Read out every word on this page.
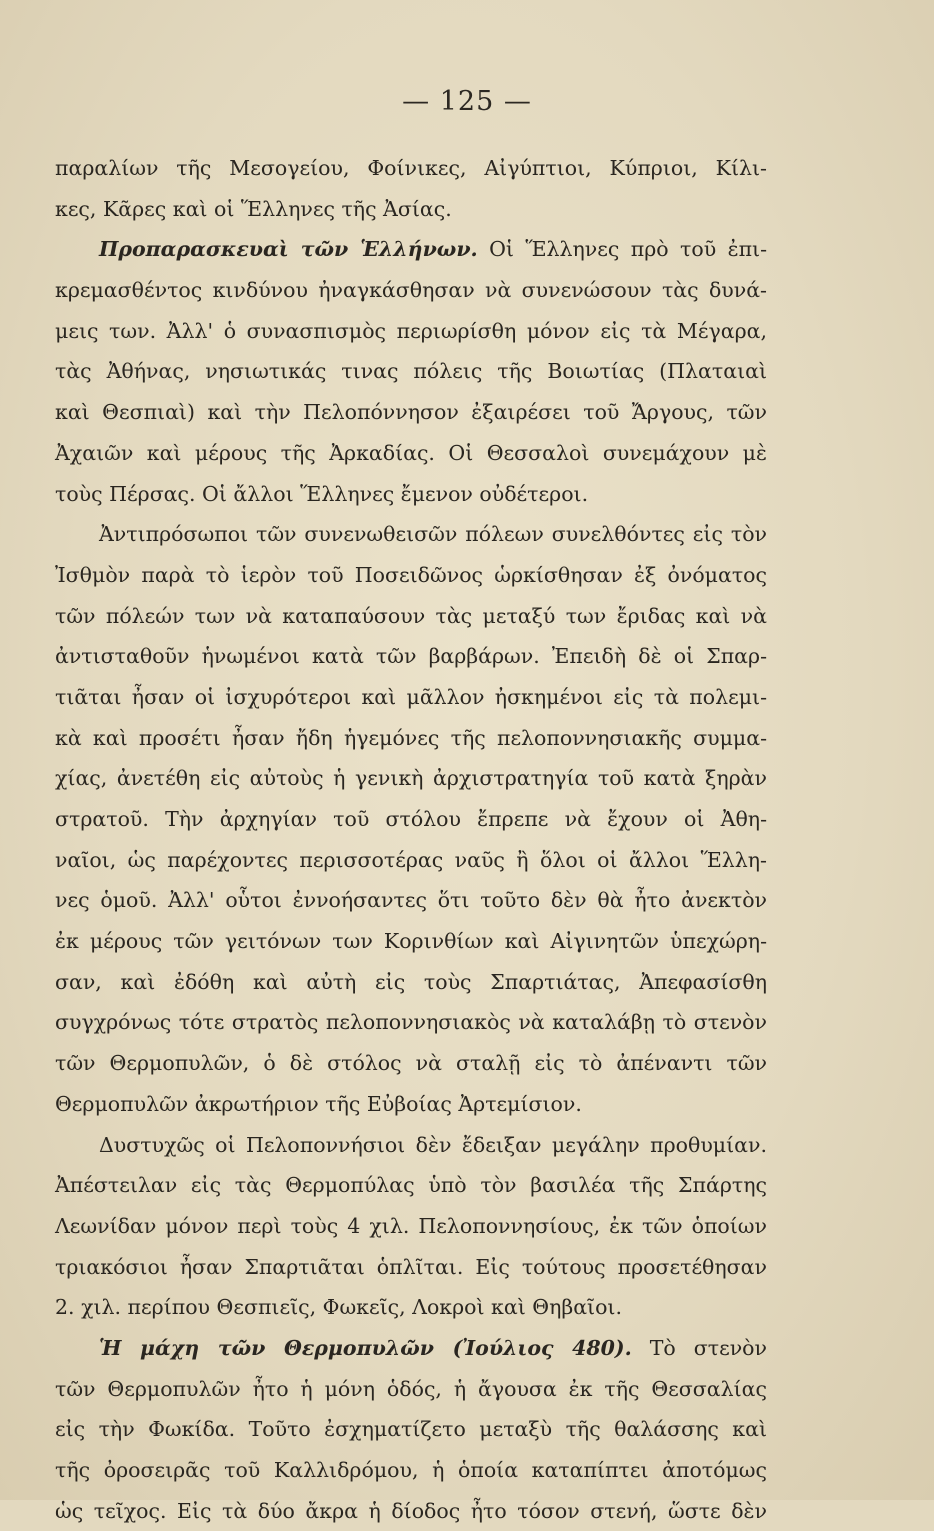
— 125 —
παραλίων τῆς Μεσογείου, Φοίνικες, Αἰγύπτιοι, Κύπριοι, Κίλι-
κες, Κᾶρες καὶ οἱ Ἕλληνες τῆς Ἀσίας.
Προπαρασκευαὶ τῶν Ἑλλήνων. Οἱ Ἕλληνες πρὸ τοῦ ἐπι-
κρεμασθέντος κινδύνου ἠναγκάσθησαν νὰ συνενώσουν τὰς δυνά-
μεις των. Ἀλλ' ὁ συνασπισμὸς περιωρίσθη μόνον εἰς τὰ Μέγαρα,
τὰς Ἀθήνας, νησιωτικάς τινας πόλεις τῆς Βοιωτίας (Πλαταιαὶ
καὶ Θεσπιαὶ) καὶ τὴν Πελοπόννησον ἐξαιρέσει τοῦ Ἄργους, τῶν
Ἀχαιῶν καὶ μέρους τῆς Ἀρκαδίας. Οἱ Θεσσαλοὶ συνεμάχουν μὲ
τοὺς Πέρσας. Οἱ ἄλλοι Ἕλληνες ἔμενον οὐδέτεροι.
Ἀντιπρόσωποι τῶν συνενωθεισῶν πόλεων συνελθόντες εἰς τὸν
Ἰσθμὸν παρὰ τὸ ἱερὸν τοῦ Ποσειδῶνος ὡρκίσθησαν ἐξ ὀνόματος
τῶν πόλεών των νὰ καταπαύσουν τὰς μεταξύ των ἔριδας καὶ νὰ
ἀντισταθοῦν ἡνωμένοι κατὰ τῶν βαρβάρων. Ἐπειδὴ δὲ οἱ Σπαρ-
τιᾶται ἦσαν οἱ ἰσχυρότεροι καὶ μᾶλλον ἠσκημένοι εἰς τὰ πολεμι-
κὰ καὶ προσέτι ἦσαν ἤδη ἡγεμόνες τῆς πελοποννησιακῆς συμμα-
χίας, ἀνετέθη εἰς αὐτοὺς ἡ γενικὴ ἀρχιστρατηγία τοῦ κατὰ ξηρὰν
στρατοῦ. Τὴν ἀρχηγίαν τοῦ στόλου ἔπρεπε νὰ ἔχουν οἱ Ἀθη-
ναῖοι, ὡς παρέχοντες περισσοτέρας ναῦς ἢ ὅλοι οἱ ἄλλοι Ἕλλη-
νες ὁμοῦ. Ἀλλ' οὗτοι ἐννοήσαντες ὅτι τοῦτο δὲν θὰ ἦτο ἀνεκτὸν
ἐκ μέρους τῶν γειτόνων των Κορινθίων καὶ Αἰγινητῶν ὑπεχώρη-
σαν, καὶ ἐδόθη καὶ αὐτὴ εἰς τοὺς Σπαρτιάτας, Ἀπεφασίσθη
συγχρόνως τότε στρατὸς πελοποννησιακὸς νὰ καταλάβῃ τὸ στενὸν
τῶν Θερμοπυλῶν, ὁ δὲ στόλος νὰ σταλῇ εἰς τὸ ἀπέναντι τῶν
Θερμοπυλῶν ἀκρωτήριον τῆς Εὐβοίας Ἀρτεμίσιον.
Δυστυχῶς οἱ Πελοποννήσιοι δὲν ἔδειξαν μεγάλην προθυμίαν.
Ἀπέστειλαν εἰς τὰς Θερμοπύλας ὑπὸ τὸν βασιλέα τῆς Σπάρτης
Λεωνίδαν μόνον περὶ τοὺς 4 χιλ. Πελοποννησίους, ἐκ τῶν ὁποίων
τριακόσιοι ἦσαν Σπαρτιᾶται ὁπλῖται. Εἰς τούτους προσετέθησαν
2. χιλ. περίπου Θεσπιεῖς, Φωκεῖς, Λοκροὶ καὶ Θηβαῖοι.
Ἡ μάχη τῶν Θερμοπυλῶν (Ἰούλιος 480). Τὸ στενὸν
τῶν Θερμοπυλῶν ἦτο ἡ μόνη ὁδός, ἡ ἄγουσα ἐκ τῆς Θεσσαλίας
εἰς τὴν Φωκίδα. Τοῦτο ἐσχηματίζετο μεταξὺ τῆς θαλάσσης καὶ
τῆς ὀροσειρᾶς τοῦ Καλλιδρόμου, ἡ ὁποία καταπίπτει ἀποτόμως
ὡς τεῖχος. Εἰς τὰ δύο ἄκρα ἡ δίοδος ἦτο τόσον στενή, ὥστε δὲν
